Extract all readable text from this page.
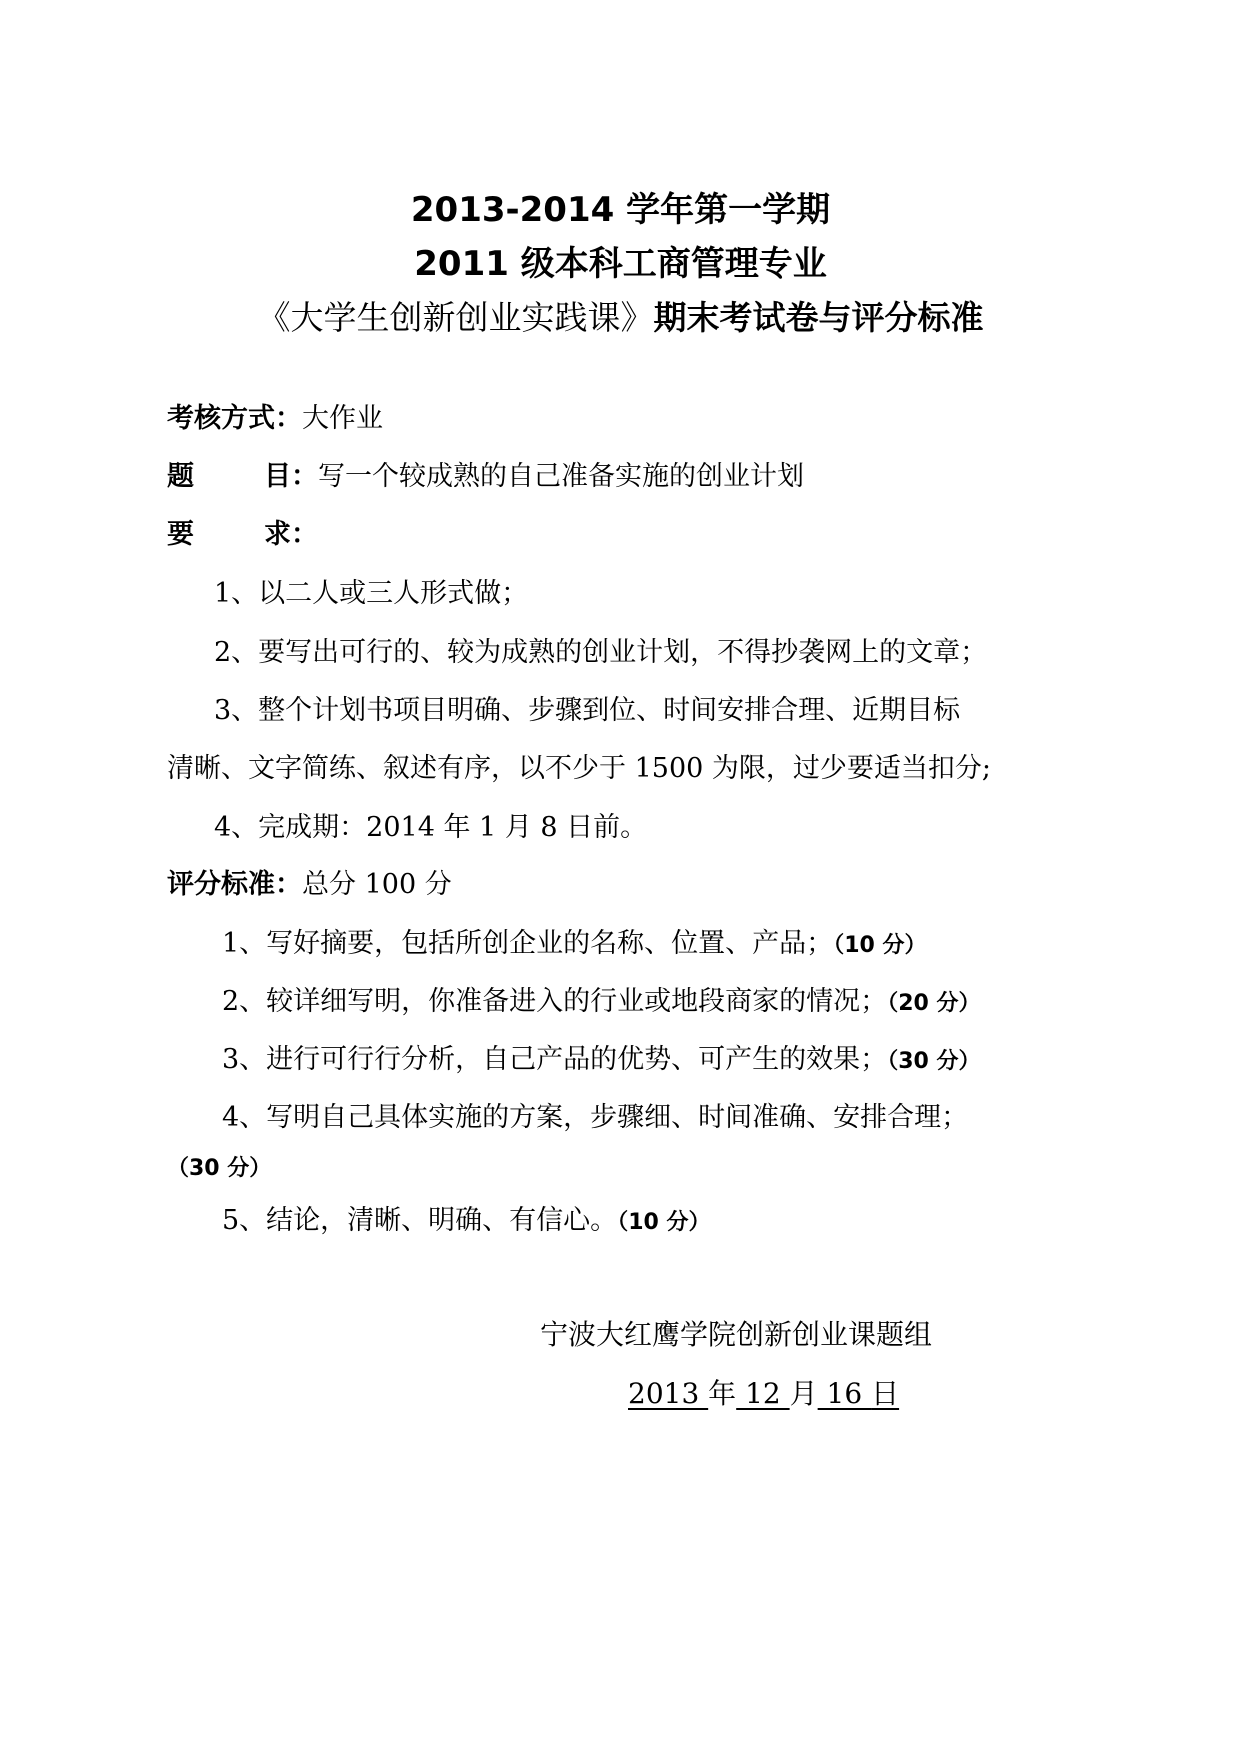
2013-2014 学年第一学期
2011 级本科工商管理专业
《大学生创新创业实践课》期末考试卷与评分标准
考核方式：大作业
题	目：写一个较成熟的自己准备实施的创业计划
要	求：
1、以二人或三人形式做；
2、要写出可行的、较为成熟的创业计划，不得抄袭网上的文章；
3、整个计划书项目明确、步骤到位、时间安排合理、近期目标
清晰、文字简练、叙述有序，以不少于 1500 为限，过少要适当扣分;
4、完成期：2014 年 1 月 8 日前。
评分标准：总分 100 分
1、写好摘要，包括所创企业的名称、位置、产品；（10 分）
2、较详细写明，你准备进入的行业或地段商家的情况；（20 分）
3、进行可行行分析，自己产品的优势、可产生的效果；（30 分）
4、写明自己具体实施的方案，步骤细、时间准确、安排合理；
（30 分）
5、结论，清晰、明确、有信心。（10 分）
宁波大红鹰学院创新创业课题组
2013 年 12 月 16 日
